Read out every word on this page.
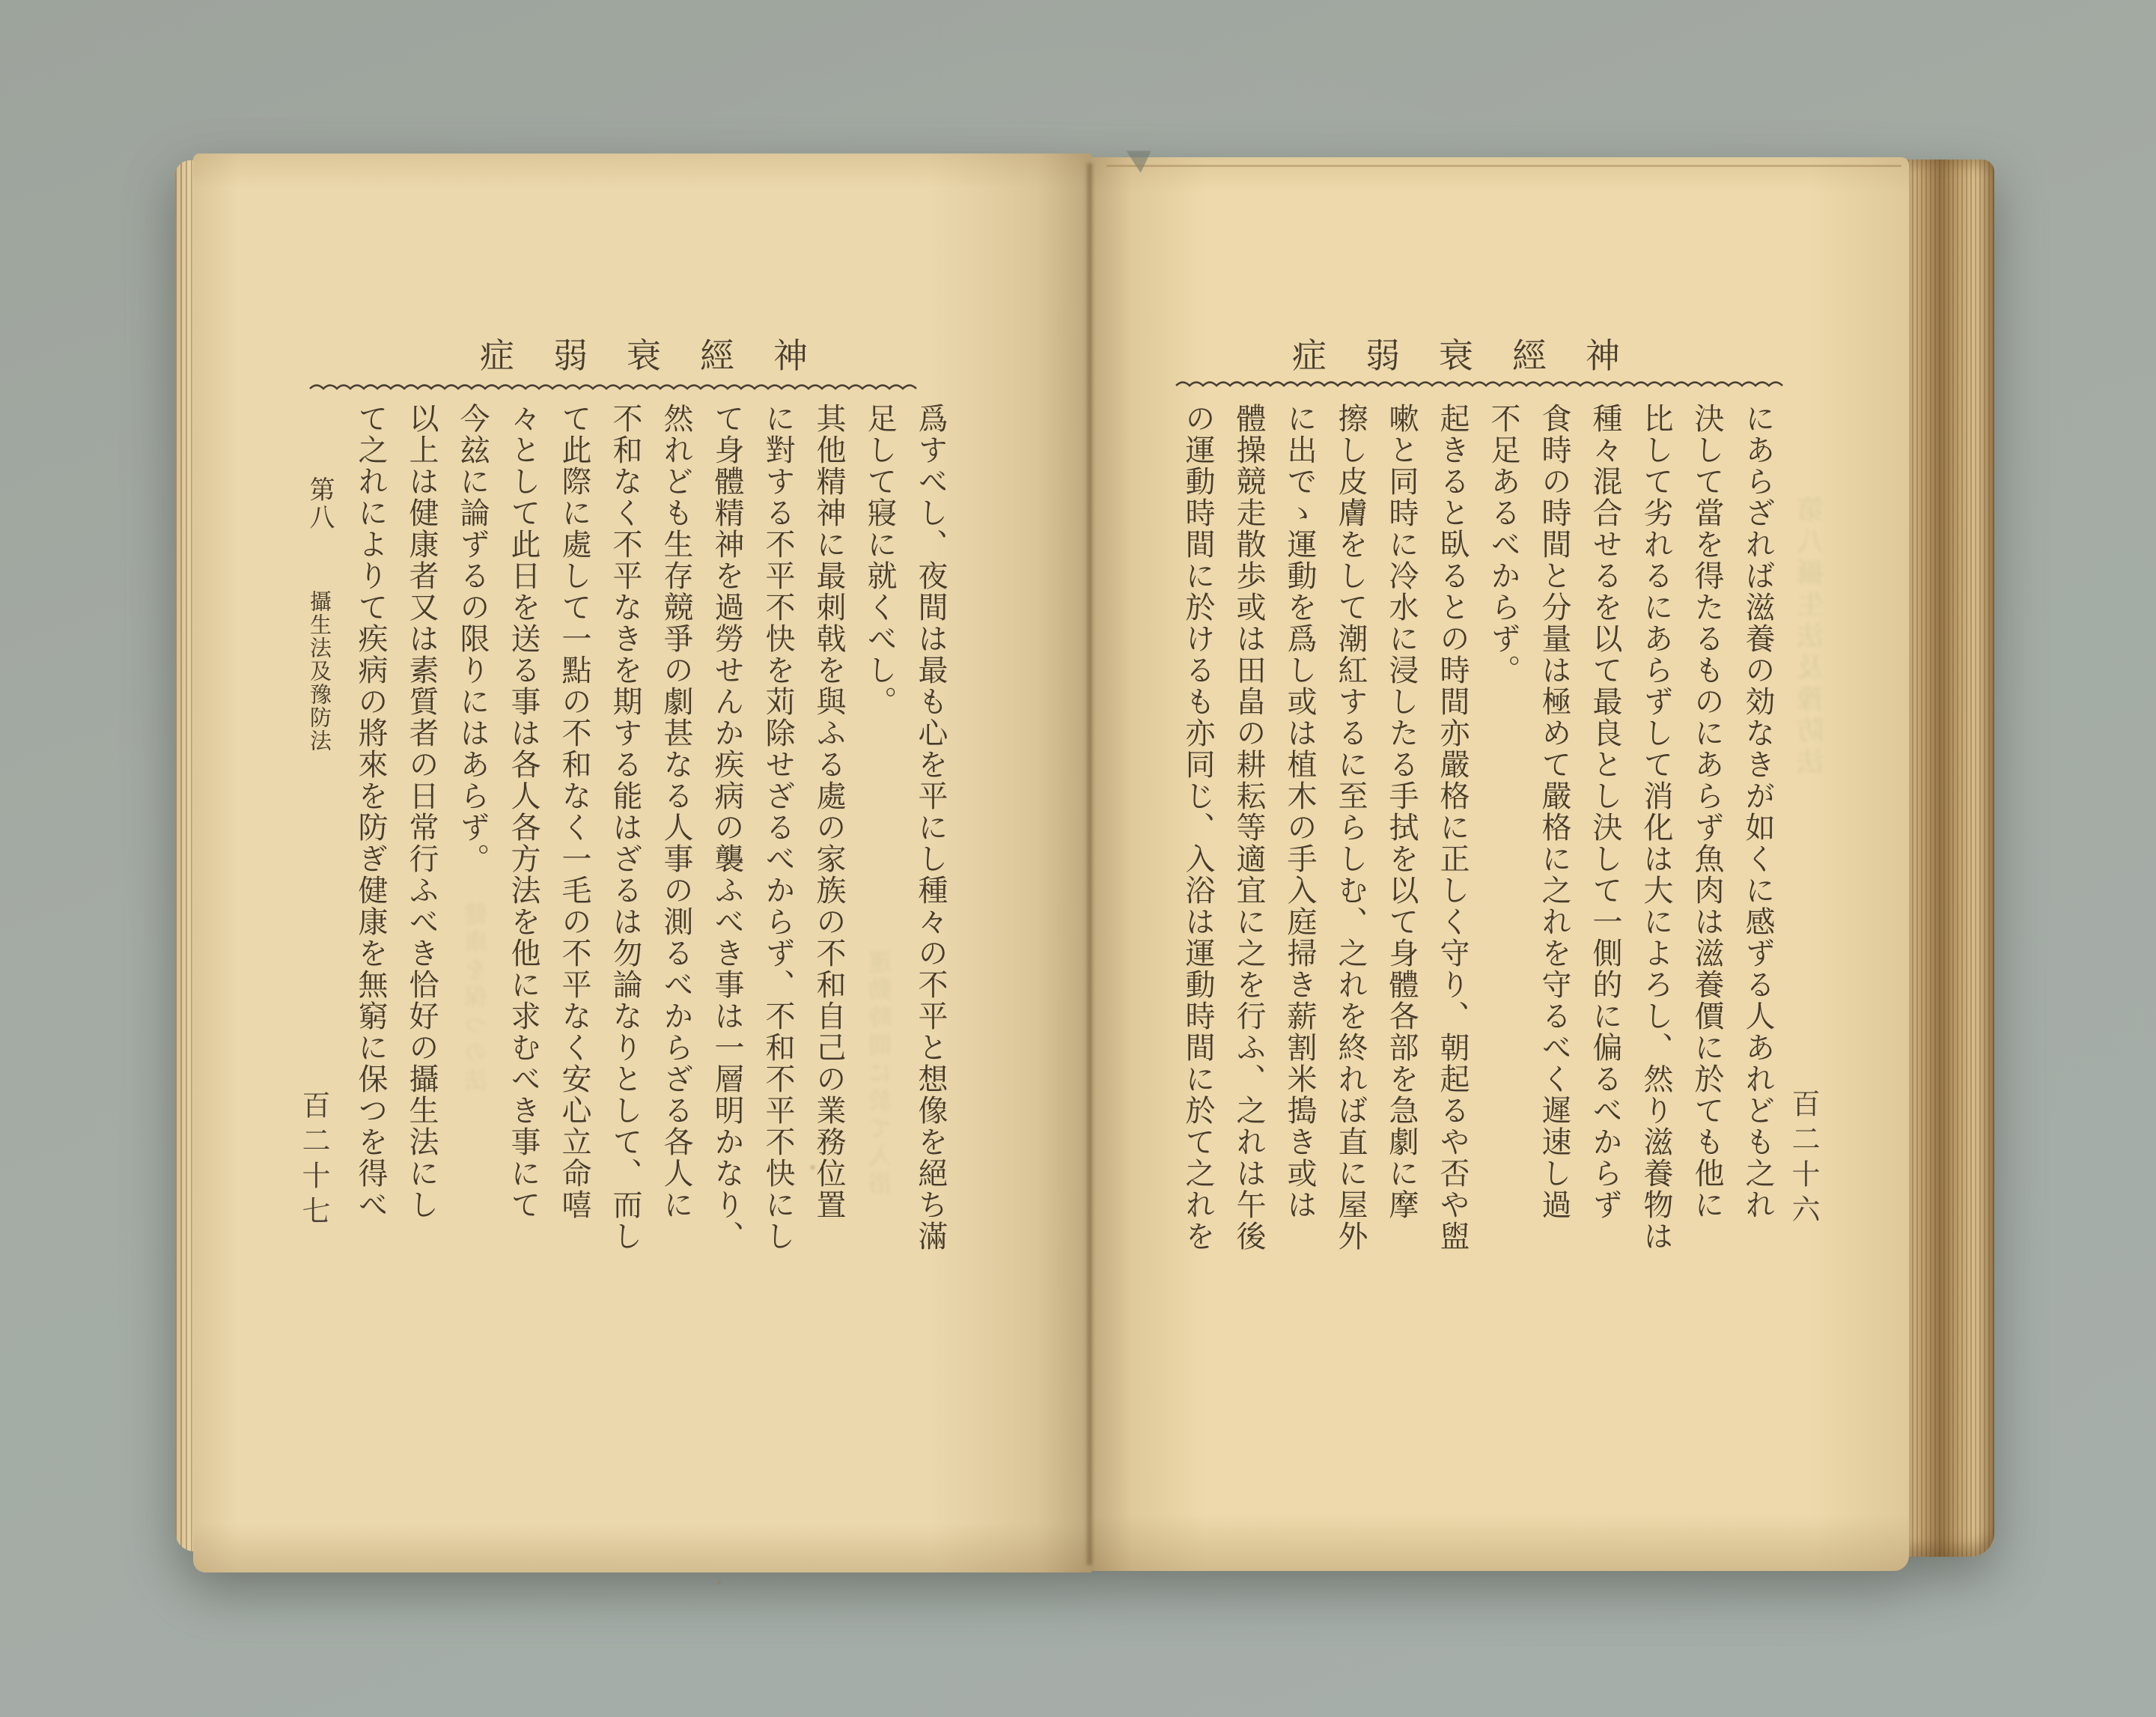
神
經
衰
弱
症	神
經
衰
弱
症

にあらざれば滋養の効なきが如くに感ずる人あれども之れ

決して當を得たるものにあらず魚肉は滋養價に於ても他に

比して劣れるにあらずして消化は大によろし、然り滋養物は

種々混合せるを以て最良とし決して一側的に偏るべからず

食時の時間と分量は極めて嚴格に之れを守るべく遲速し過

不足あるべからず。

起きると臥るとの時間亦嚴格に正しく守り、朝起るや否や盥

嗽と同時に冷水に浸したる手拭を以て身體各部を急劇に摩

擦し皮膚をして潮紅するに至らしむ、之れを終れば直に屋外

に出でゝ運動を爲し或は植木の手入庭掃き薪割米搗き或は

體操競走散歩或は田畠の耕耘等適宜に之を行ふ、之れは午後

の運動時間に於けるも亦同じ、入浴は運動時間に於て之れを

爲すべし、夜間は最も心を平にし種々の不平と想像を絕ち滿

足して寢に就くべし。

其他精神に最刺戟を與ふる處の家族の不和自己の業務位置

に對する不平不快を苅除せざるべからず、不和不平不快にし

て身體精神を過勞せんか疾病の襲ふべき事は一層明かなり、

然れども生存競爭の劇甚なる人事の測るべからざる各人に

不和なく不平なきを期する能はざるは勿論なりとして、而し

て此際に處して一點の不和なく一毛の不平なく安心立命嘻

々として此日を送る事は各人各方法を他に求むべき事にて

今玆に論ずるの限りにはあらず。

以上は健康者又は素質者の日常行ふべき恰好の攝生法にし

て之れによりて疾病の將來を防ぎ健康を無窮に保つを得べ

第八 攝生法及豫防法

百二十六
百二十七
第八攝生法及豫防法
運動時間に於て入浴
健康を保つの法
